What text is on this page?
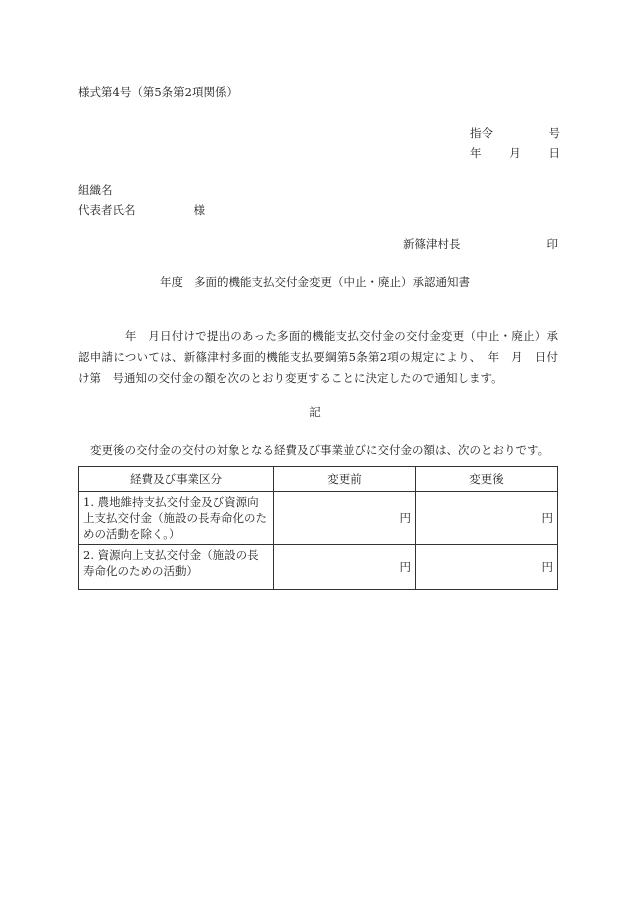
様式第4号（第5条第2項関係）
指令	号
年 月 日
組織名
代表者氏名	様
新篠津村長	印
年度 多面的機能支払交付金変更（中止・廃止）承認通知書

　　　　年　月日付けで提出のあった多面的機能支払交付金の交付金変更（中止・廃止）承認申請については、新篠津村多面的機能支払要綱第5条第2項の規定により、　年　月　日付け第　号通知の交付金の額を次のとおり変更することに決定したので通知します。

記
変更後の交付金の交付の対象となる経費及び事業並びに交付金の額は、次のとおりです。
経費及び事業区分	変更前	変更後
1. 農地維持支払交付金及び資源向上支払交付金（施設の長寿命化のための活動を除く。）	円	円
2. 資源向上支払交付金（施設の長寿命化のための活動）	円	円
